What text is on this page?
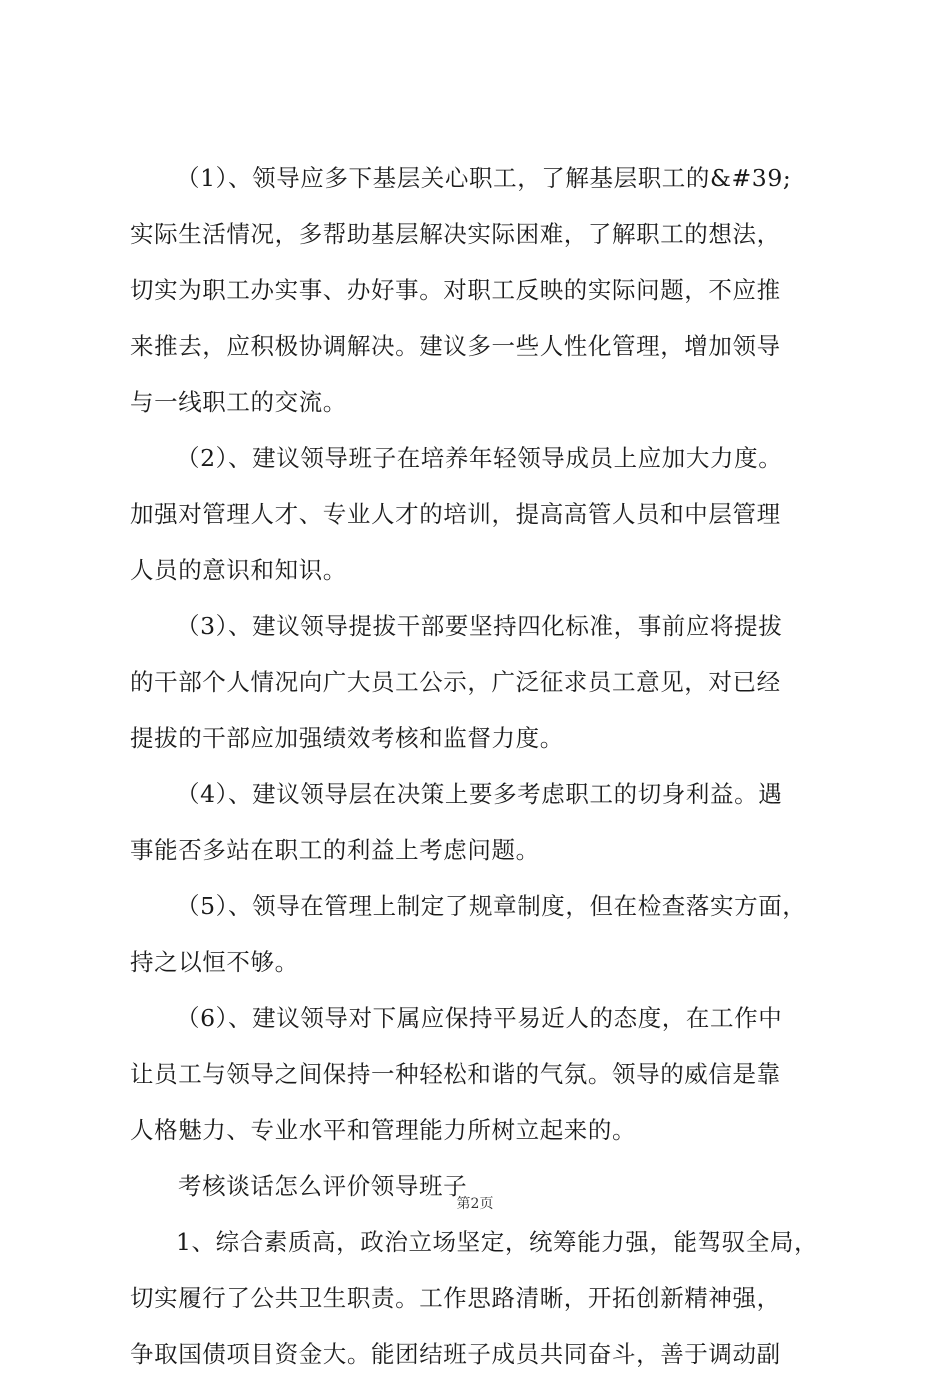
（1）、领导应多下基层关心职工，了解基层职工的&#39;
实际生活情况，多帮助基层解决实际困难，了解职工的想法，
切实为职工办实事、办好事。对职工反映的实际问题，不应推
来推去，应积极协调解决。建议多一些人性化管理，增加领导
与一线职工的交流。
（2）、建议领导班子在培养年轻领导成员上应加大力度。
加强对管理人才、专业人才的培训，提高高管人员和中层管理
人员的意识和知识。
（3）、建议领导提拔干部要坚持四化标准，事前应将提拔
的干部个人情况向广大员工公示，广泛征求员工意见，对已经
提拔的干部应加强绩效考核和监督力度。
（4）、建议领导层在决策上要多考虑职工的切身利益。遇
事能否多站在职工的利益上考虑问题。
（5）、领导在管理上制定了规章制度，但在检查落实方面，
持之以恒不够。
（6）、建议领导对下属应保持平易近人的态度，在工作中
让员工与领导之间保持一种轻松和谐的气氛。领导的威信是靠
人格魅力、专业水平和管理能力所树立起来的。
考核谈话怎么评价领导班子
1、综合素质高，政治立场坚定，统筹能力强，能驾驭全局，
切实履行了公共卫生职责。工作思路清晰，开拓创新精神强，
争取国债项目资金大。能团结班子成员共同奋斗，善于调动副
第2页
